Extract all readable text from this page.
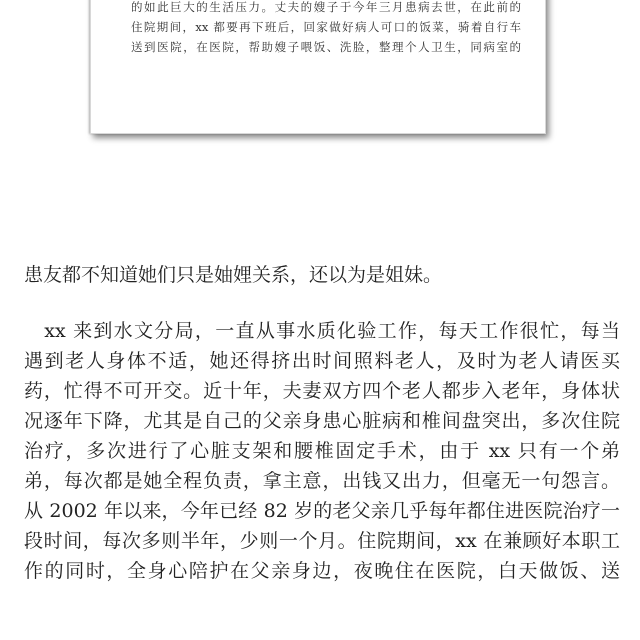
的如此巨大的生活压力。丈夫的嫂子于今年三月患病去世，在此前的
住院期间，xx 都要再下班后，回家做好病人可口的饭菜，骑着自行车
送到医院，在医院，帮助嫂子喂饭、洗脸，整理个人卫生，同病室的
患友都不知道她们只是妯娌关系，还以为是姐妹。
　xx 来到水文分局，一直从事水质化验工作，每天工作很忙，每当
遇到老人身体不适，她还得挤出时间照料老人，及时为老人请医买
药，忙得不可开交。近十年，夫妻双方四个老人都步入老年，身体状
况逐年下降，尤其是自己的父亲身患心脏病和椎间盘突出，多次住院
治疗，多次进行了心脏支架和腰椎固定手术，由于 xx 只有一个弟
弟，每次都是她全程负责，拿主意，出钱又出力，但毫无一句怨言。
从 2002 年以来，今年已经 82 岁的老父亲几乎每年都住进医院治疗一
段时间，每次多则半年，少则一个月。住院期间，xx 在兼顾好本职工
作的同时，全身心陪护在父亲身边，夜晚住在医院，白天做饭、送
